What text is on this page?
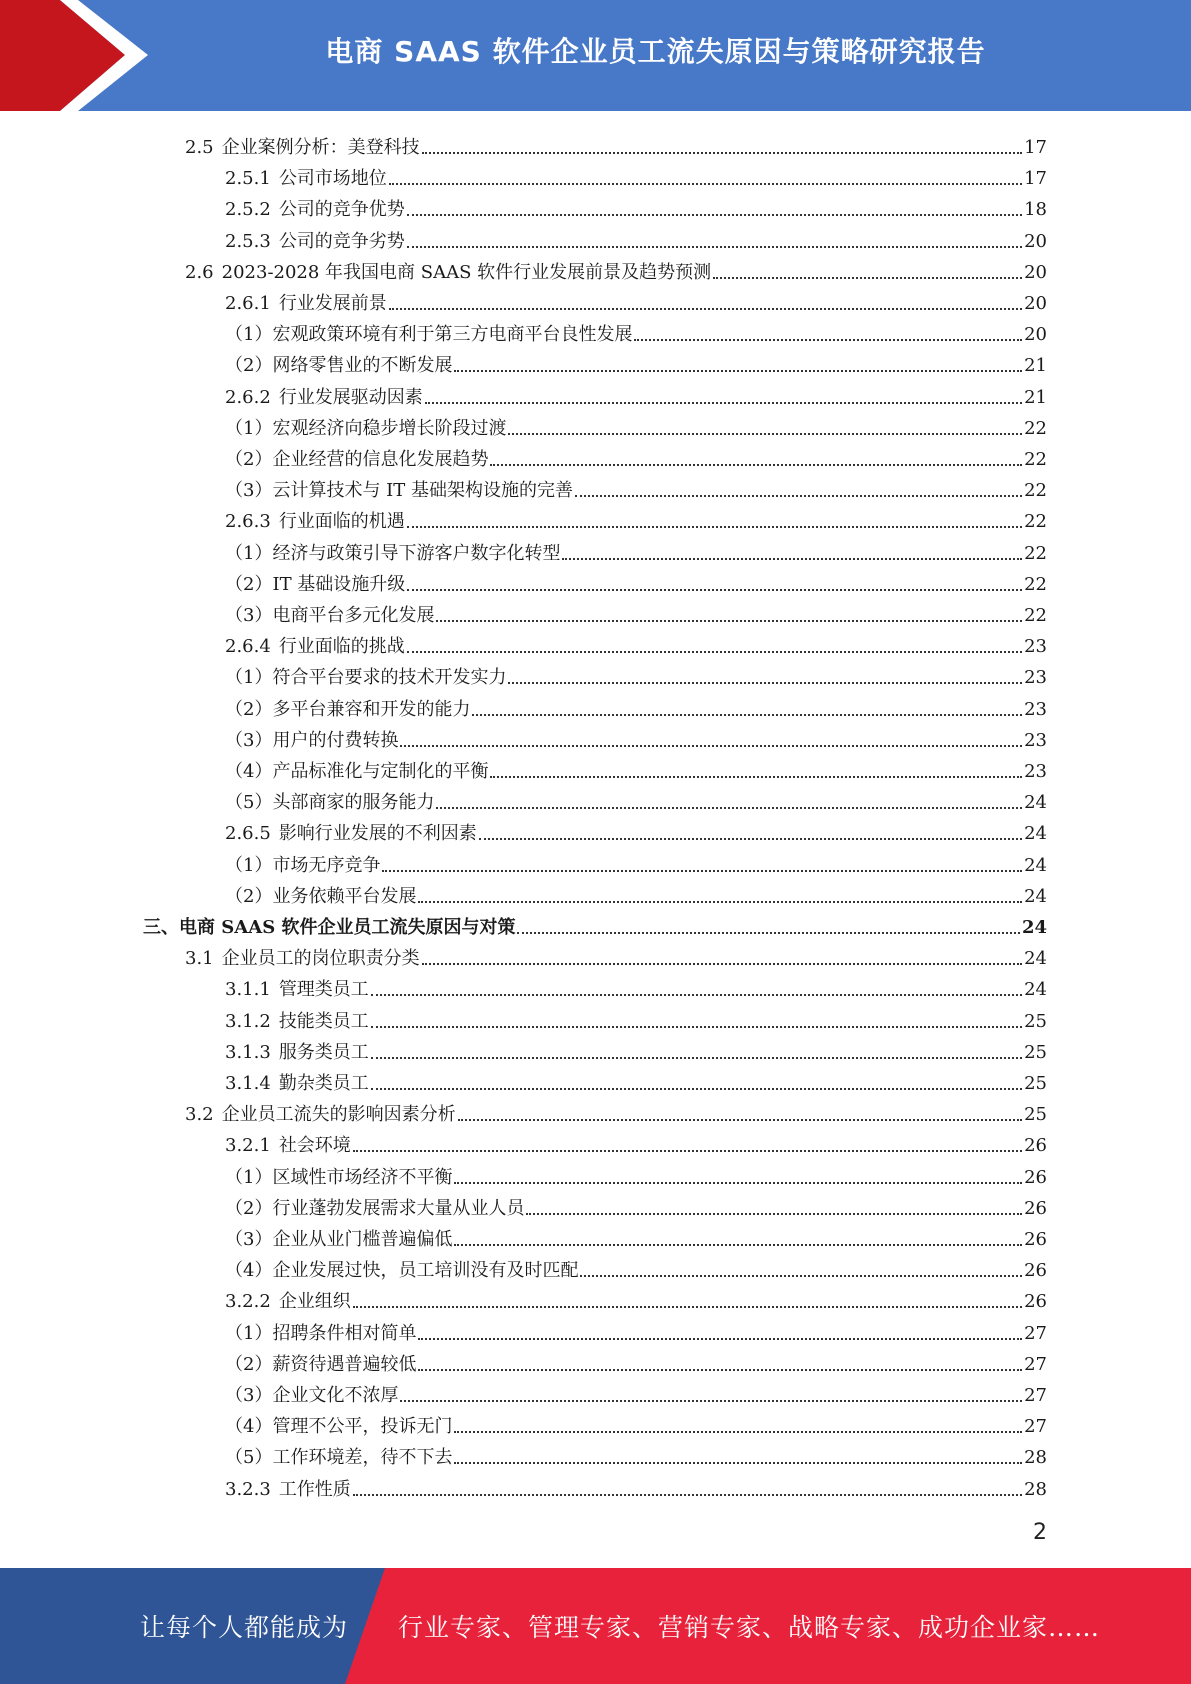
电商 SAAS 软件企业员工流失原因与策略研究报告
2.5 企业案例分析：美登科技	17
2.5.1 公司市场地位	17
2.5.2 公司的竞争优势	18
2.5.3 公司的竞争劣势	20
2.6 2023-2028 年我国电商 SAAS 软件行业发展前景及趋势预测	20
2.6.1 行业发展前景	20
（1） 宏观政策环境有利于第三方电商平台良性发展	20
（2） 网络零售业的不断发展	21
2.6.2 行业发展驱动因素	21
（1） 宏观经济向稳步增长阶段过渡	22
（2） 企业经营的信息化发展趋势	22
（3） 云计算技术与 IT 基础架构设施的完善	22
2.6.3 行业面临的机遇	22
（1） 经济与政策引导下游客户数字化转型	22
（2） IT 基础设施升级	22
（3） 电商平台多元化发展	22
2.6.4 行业面临的挑战	23
（1） 符合平台要求的技术开发实力	23
（2） 多平台兼容和开发的能力	23
（3） 用户的付费转换	23
（4） 产品标准化与定制化的平衡	23
（5） 头部商家的服务能力	24
2.6.5 影响行业发展的不利因素	24
（1） 市场无序竞争	24
（2） 业务依赖平台发展	24
三、 电商 SAAS 软件企业员工流失原因与对策	24
3.1 企业员工的岗位职责分类	24
3.1.1 管理类员工	24
3.1.2 技能类员工	25
3.1.3 服务类员工	25
3.1.4 勤杂类员工	25
3.2 企业员工流失的影响因素分析	25
3.2.1 社会环境	26
（1） 区域性市场经济不平衡	26
（2） 行业蓬勃发展需求大量从业人员	26
（3） 企业从业门槛普遍偏低	26
（4） 企业发展过快，员工培训没有及时匹配	26
3.2.2 企业组织	26
（1） 招聘条件相对简单	27
（2） 薪资待遇普遍较低	27
（3） 企业文化不浓厚	27
（4） 管理不公平，投诉无门	27
（5） 工作环境差，待不下去	28
3.2.3 工作性质	28
2
让每个人都能成为 行业专家、管理专家、营销专家、战略专家、成功企业家……
